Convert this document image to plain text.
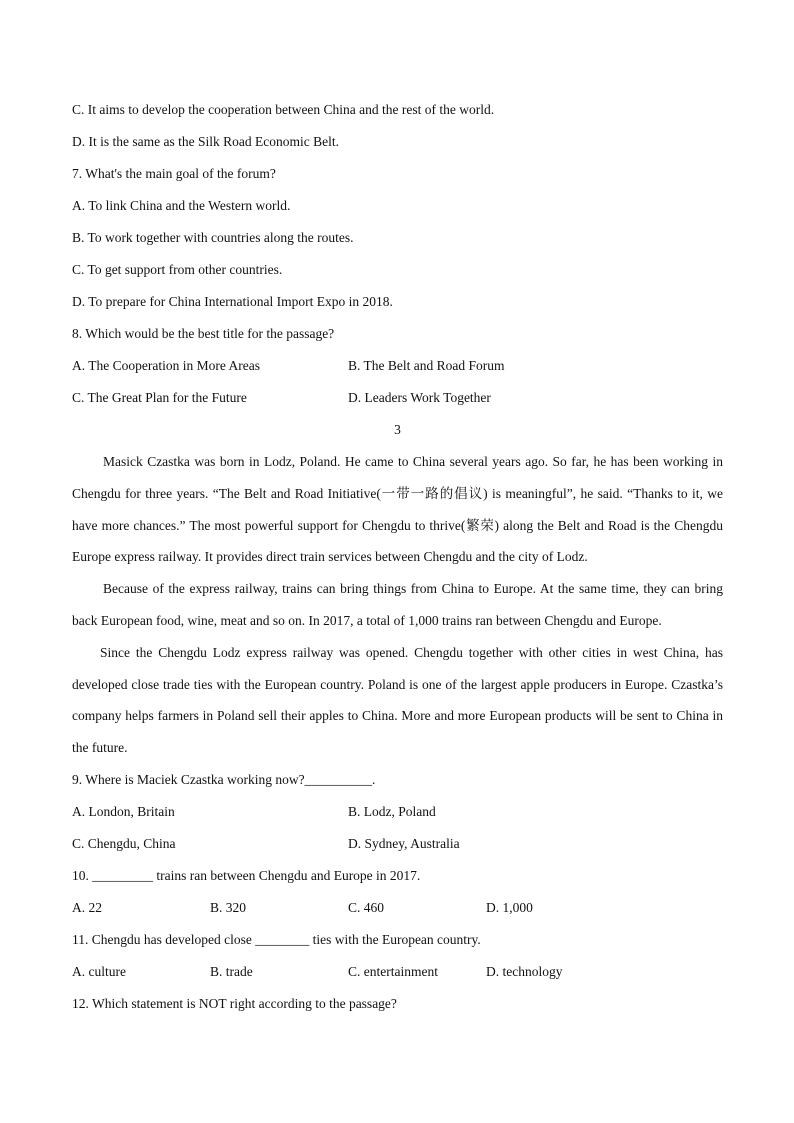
C. It aims to develop the cooperation between China and the rest of the world.
D. It is the same as the Silk Road Economic Belt.
7. What's the main goal of the forum?
A. To link China and the Western world.
B. To work together with countries along the routes.
C. To get support from other countries.
D. To prepare for China International Import Expo in 2018.
8. Which would be the best title for the passage?
A. The Cooperation in More Areas	B. The Belt and Road Forum
C. The Great Plan for the Future	D. Leaders Work Together
3
Masick Czastka was born in Lodz, Poland. He came to China several years ago. So far, he has been working in Chengdu for three years. “The Belt and Road Initiative(一带一路的倡议) is meaningful”, he said. “Thanks to it, we have more chances.” The most powerful support for Chengdu to thrive(繁荣) along the Belt and Road is the Chengdu Europe express railway. It provides direct train services between Chengdu and the city of Lodz.
Because of the express railway, trains can bring things from China to Europe. At the same time, they can bring back European food, wine, meat and so on. In 2017, a total of 1,000 trains ran between Chengdu and Europe.
Since the Chengdu Lodz express railway was opened. Chengdu together with other cities in west China, has developed close trade ties with the European country. Poland is one of the largest apple producers in Europe. Czastka’s company helps farmers in Poland sell their apples to China. More and more European products will be sent to China in the future.
9. Where is Maciek Czastka working now?__________.
A. London, Britain	B. Lodz, Poland
C. Chengdu, China	D. Sydney, Australia
10. _________ trains ran between Chengdu and Europe in 2017.
A. 22	B. 320	C. 460	D. 1,000
11. Chengdu has developed close ________ ties with the European country.
A. culture	B. trade	C. entertainment	D. technology
12. Which statement is NOT right according to the passage?
